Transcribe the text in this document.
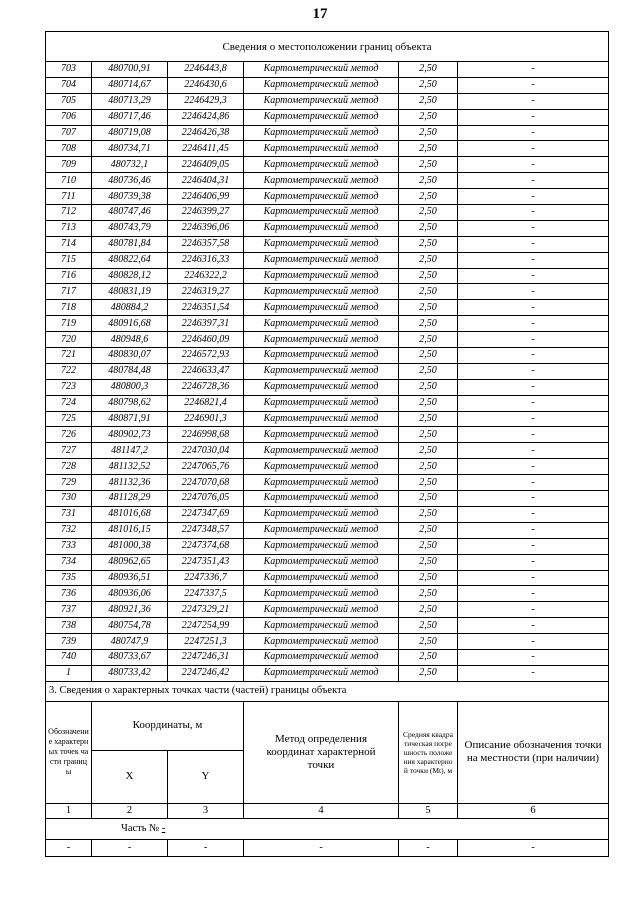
17
Сведения о местоположении границ объекта					
703	480700,91	2246443,8	Картометрический метод	2,50	-
704	480714,67	2246430,6	Картометрический метод	2,50	-
705	480713,29	2246429,3	Картометрический метод	2,50	-
706	480717,46	2246424,86	Картометрический метод	2,50	-
707	480719,08	2246426,38	Картометрический метод	2,50	-
708	480734,71	2246411,45	Картометрический метод	2,50	-
709	480732,1	2246409,05	Картометрический метод	2,50	-
710	480736,46	2246404,31	Картометрический метод	2,50	-
711	480739,38	2246406,99	Картометрический метод	2,50	-
712	480747,46	2246399,27	Картометрический метод	2,50	-
713	480743,79	2246396,06	Картометрический метод	2,50	-
714	480781,84	2246357,58	Картометрический метод	2,50	-
715	480822,64	2246316,33	Картометрический метод	2,50	-
716	480828,12	2246322,2	Картометрический метод	2,50	-
717	480831,19	2246319,27	Картометрический метод	2,50	-
718	480884,2	2246351,54	Картометрический метод	2,50	-
719	480916,68	2246397,31	Картометрический метод	2,50	-
720	480948,6	2246460,09	Картометрический метод	2,50	-
721	480830,07	2246572,93	Картометрический метод	2,50	-
722	480784,48	2246633,47	Картометрический метод	2,50	-
723	480800,3	2246728,36	Картометрический метод	2,50	-
724	480798,62	2246821,4	Картометрический метод	2,50	-
725	480871,91	2246901,3	Картометрический метод	2,50	-
726	480902,73	2246998,68	Картометрический метод	2,50	-
727	481147,2	2247030,04	Картометрический метод	2,50	-
728	481132,52	2247065,76	Картометрический метод	2,50	-
729	481132,36	2247070,68	Картометрический метод	2,50	-
730	481128,29	2247076,05	Картометрический метод	2,50	-
731	481016,68	2247347,69	Картометрический метод	2,50	-
732	481016,15	2247348,57	Картометрический метод	2,50	-
733	481000,38	2247374,68	Картометрический метод	2,50	-
734	480962,65	2247351,43	Картометрический метод	2,50	-
735	480936,51	2247336,7	Картометрический метод	2,50	-
736	480936,06	2247337,5	Картометрический метод	2,50	-
737	480921,36	2247329,21	Картометрический метод	2,50	-
738	480754,78	2247254,99	Картометрический метод	2,50	-
739	480747,9	2247251,3	Картометрический метод	2,50	-
740	480733,67	2247246,31	Картометрический метод	2,50	-
1	480733,42	2247246,42	Картометрический метод	2,50	-
3. Сведения о характерных точках части (частей) границы объекта					

Обозначение характерных точек части границы	Координаты, м		Метод определения координат характерной точки	Средняя квадратическая погрешность положения характерной точки (Mt), м	Описание обозначения точки на местности (при наличии)

	X	Y			
1	2	3	4	5	6
Часть № -					
-	-	-	-	-	-
